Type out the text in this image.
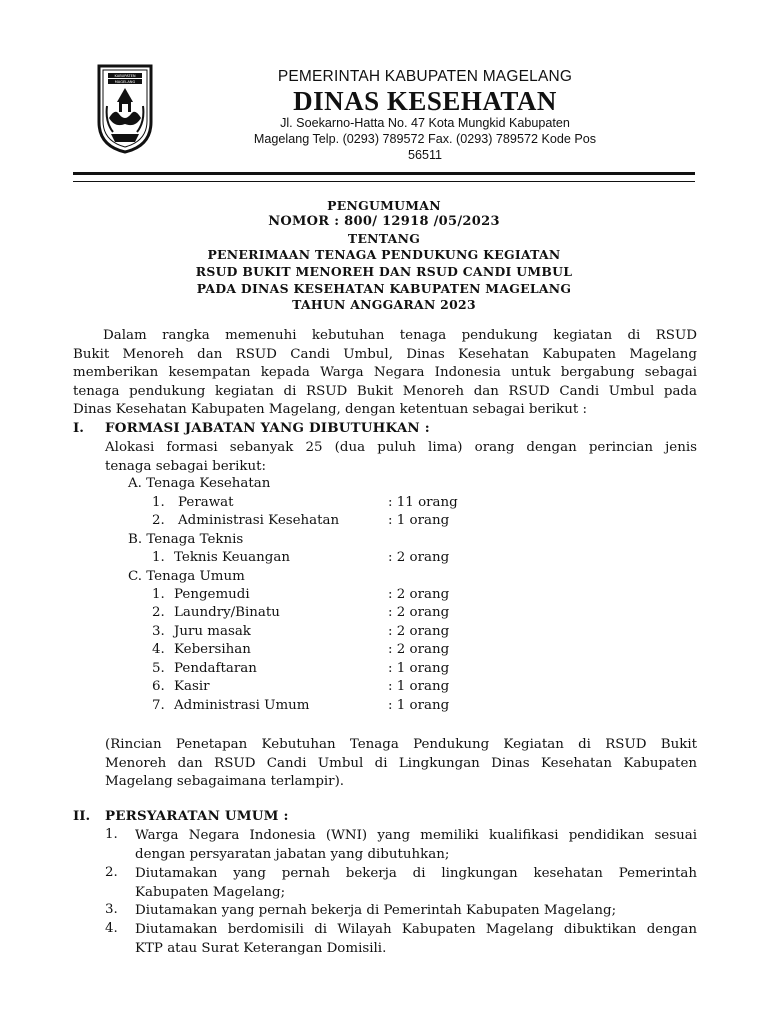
KABUPATEN
MAGELANG	PEMERINTAH KABUPATEN MAGELANG
DINAS KESEHATAN
Jl. Soekarno-Hatta No. 47 Kota Mungkid Kabupaten
Magelang Telp. (0293) 789572 Fax. (0293) 789572 Kode Pos
56511
PENGUMUMAN
NOMOR : 800/ 12918 /05/2023
TENTANG
PENERIMAAN TENAGA PENDUKUNG KEGIATAN
RSUD BUKIT MENOREH DAN RSUD CANDI UMBUL
PADA DINAS KESEHATAN KABUPATEN MAGELANG
TAHUN ANGGARAN 2023
Dalam rangka memenuhi kebutuhan tenaga pendukung kegiatan di RSUD
Bukit Menoreh dan RSUD Candi Umbul, Dinas Kesehatan Kabupaten Magelang
memberikan kesempatan kepada Warga Negara Indonesia untuk bergabung sebagai
tenaga pendukung kegiatan di RSUD Bukit Menoreh dan RSUD Candi Umbul pada
Dinas Kesehatan Kabupaten Magelang, dengan ketentuan sebagai berikut :
I. FORMASI JABATAN YANG DIBUTUHKAN :
Alokasi formasi sebanyak 25 (dua puluh lima) orang dengan perincian jenis
tenaga sebagai berikut:
A. Tenaga Kesehatan
1. Perawat	: 11 orang
2. Administrasi Kesehatan	: 1 orang
B. Tenaga Teknis
1. Teknis Keuangan	: 2 orang
C. Tenaga Umum
1. Pengemudi	: 2 orang
2. Laundry/Binatu	: 2 orang
3. Juru masak	: 2 orang
4. Kebersihan	: 2 orang
5. Pendaftaran	: 1 orang
6. Kasir	: 1 orang
7. Administrasi Umum	: 1 orang
(Rincian Penetapan Kebutuhan Tenaga Pendukung Kegiatan di RSUD Bukit
Menoreh dan RSUD Candi Umbul di Lingkungan Dinas Kesehatan Kabupaten
Magelang sebagaimana terlampir).
II. PERSYARATAN UMUM :
1. Warga Negara Indonesia (WNI) yang memiliki kualifikasi pendidikan sesuai
dengan persyaratan jabatan yang dibutuhkan;
2. Diutamakan yang pernah bekerja di lingkungan kesehatan Pemerintah
Kabupaten Magelang;
3. Diutamakan yang pernah bekerja di Pemerintah Kabupaten Magelang;
4. Diutamakan berdomisili di Wilayah Kabupaten Magelang dibuktikan dengan
KTP atau Surat Keterangan Domisili.
